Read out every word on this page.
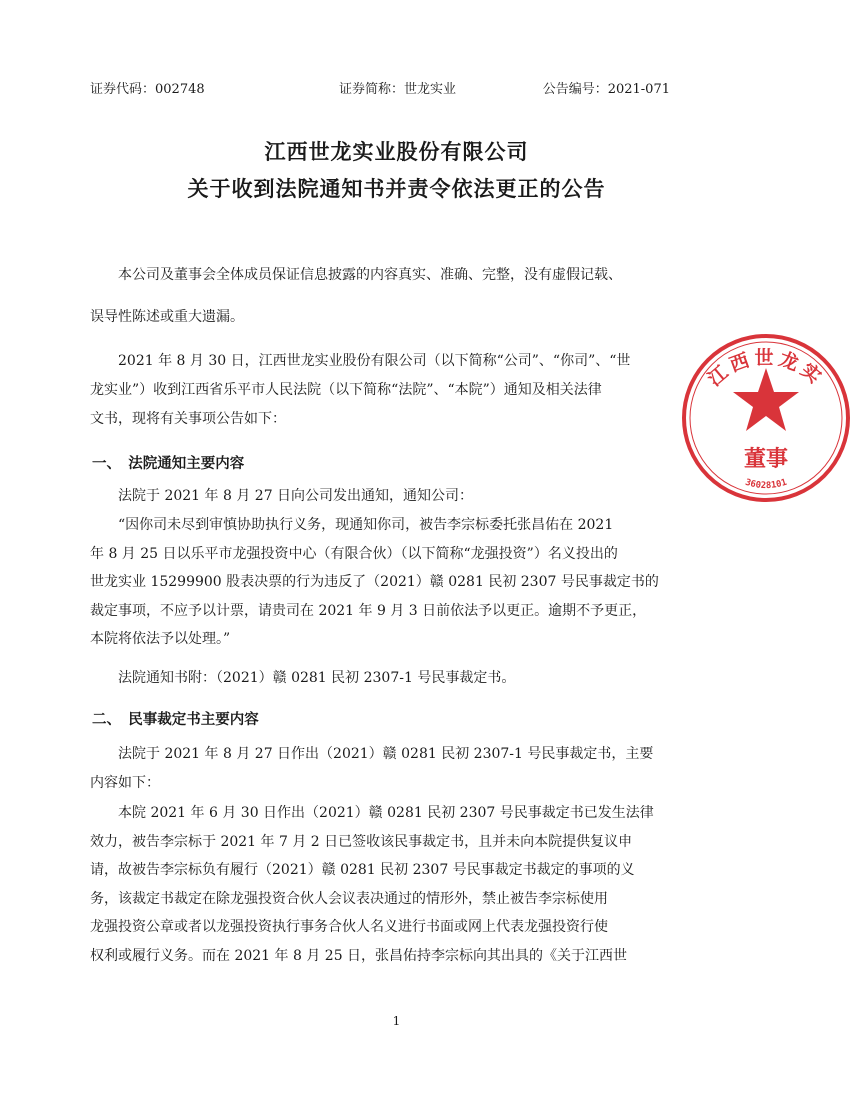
证券代码：002748	证券简称：世龙实业	公告编号：2021-071
江西世龙实业股份有限公司
关于收到法院通知书并责令依法更正的公告
　　本公司及董事会全体成员保证信息披露的内容真实、准确、完整，没有虚假记载、
误导性陈述或重大遗漏。
　　2021 年 8 月 30 日，江西世龙实业股份有限公司（以下简称“公司”、“你司”、“世
龙实业”）收到江西省乐平市人民法院（以下简称“法院”、“本院”）通知及相关法律
文书，现将有关事项公告如下：
一、　法院通知主要内容
　　法院于 2021 年 8 月 27 日向公司发出通知，通知公司：
　　“因你司未尽到审慎协助执行义务，现通知你司，被告李宗标委托张昌佑在 2021
年 8 月 25 日以乐平市龙强投资中心（有限合伙）（以下简称“龙强投资”）名义投出的
世龙实业 15299900 股表决票的行为违反了（2021）赣 0281 民初 2307 号民事裁定书的
裁定事项，不应予以计票，请贵司在 2021 年 9 月 3 日前依法予以更正。逾期不予更正，
本院将依法予以处理。”
　　法院通知书附：（2021）赣 0281 民初 2307-1 号民事裁定书。
二、　民事裁定书主要内容
　　法院于 2021 年 8 月 27 日作出（2021）赣 0281 民初 2307-1 号民事裁定书，主要
内容如下：
　　本院 2021 年 6 月 30 日作出（2021）赣 0281 民初 2307 号民事裁定书已发生法律
效力，被告李宗标于 2021 年 7 月 2 日已签收该民事裁定书，且并未向本院提供复议申
请，故被告李宗标负有履行（2021）赣 0281 民初 2307 号民事裁定书裁定的事项的义
务，该裁定书裁定在除龙强投资合伙人会议表决通过的情形外，禁止被告李宗标使用
龙强投资公章或者以龙强投资执行事务合伙人名义进行书面或网上代表龙强投资行使
权利或履行义务。而在 2021 年 8 月 25 日，张昌佑持李宗标向其出具的《关于江西世
1
江西世龙实
董事
36028101
